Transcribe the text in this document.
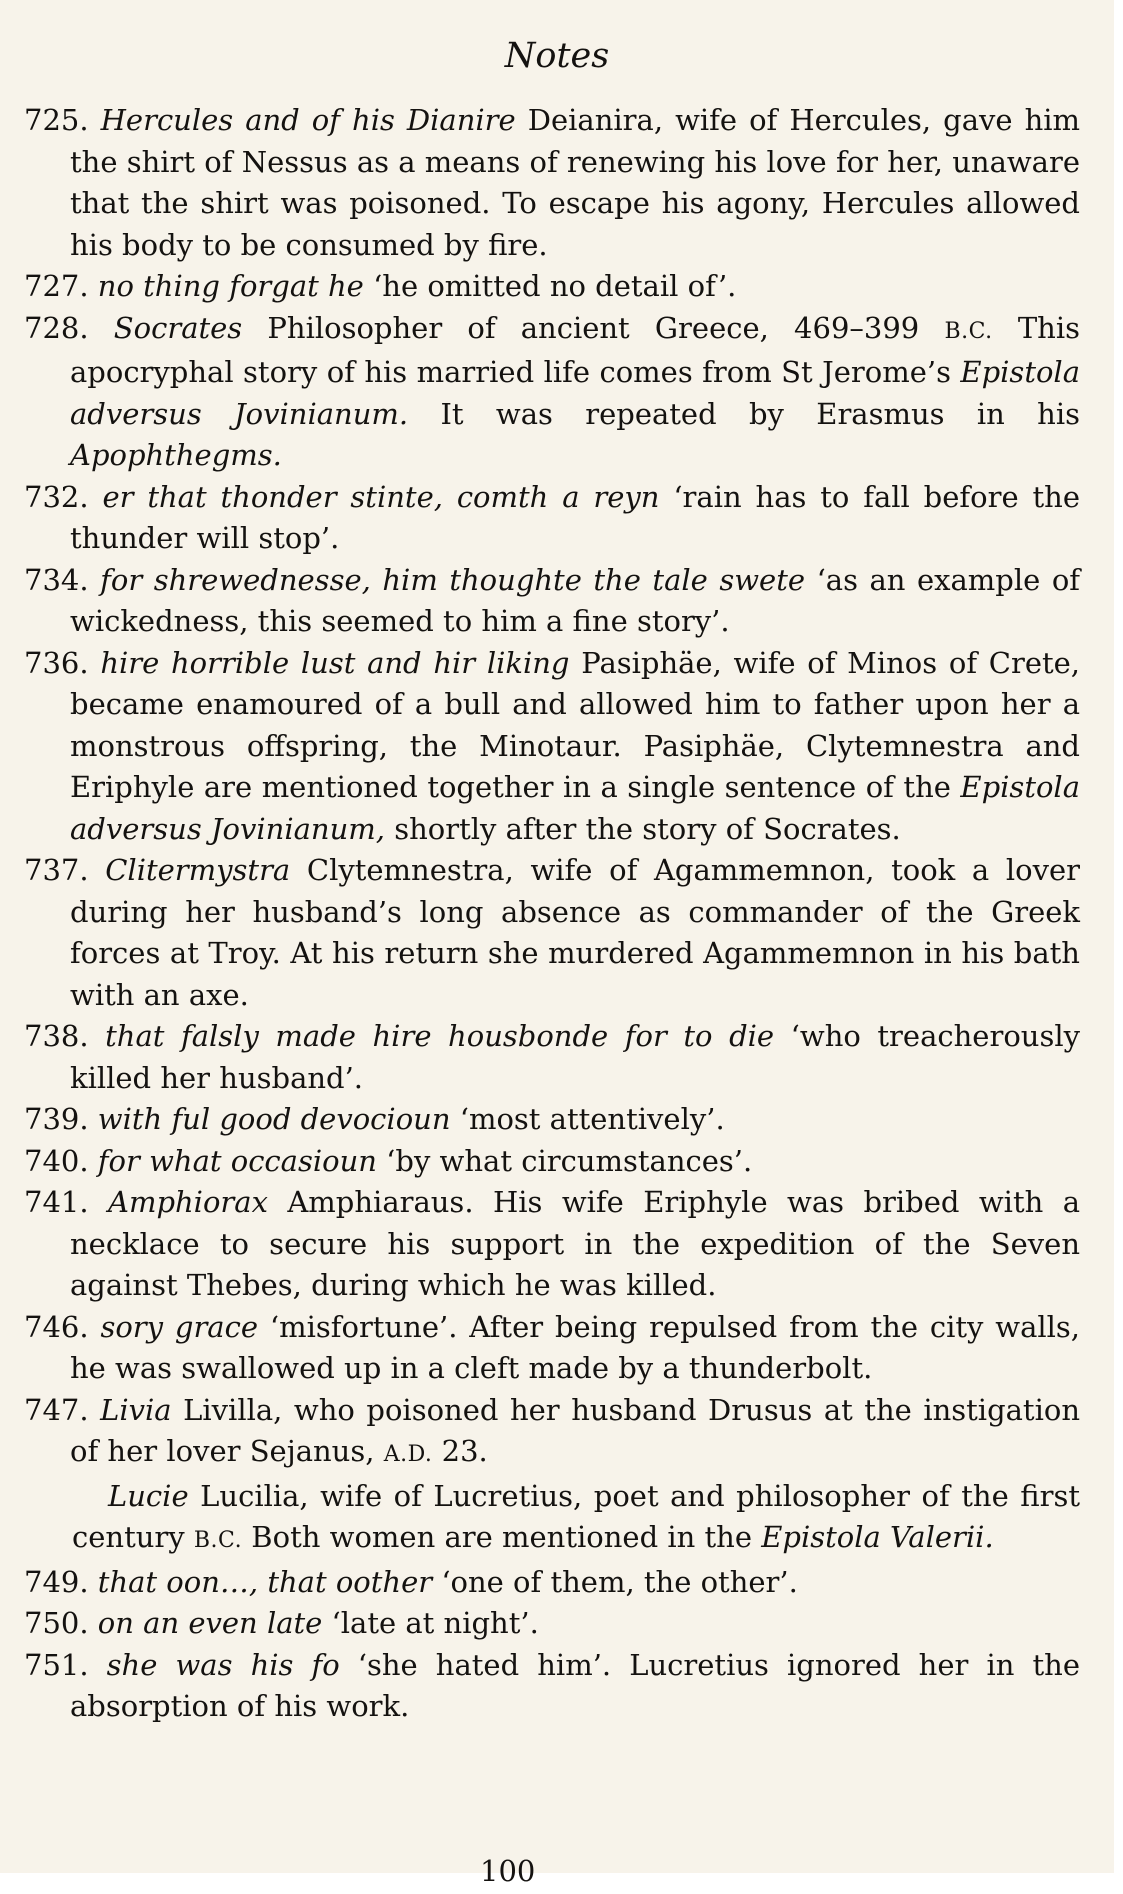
Notes

725. Hercules and of his Dianire Deianira, wife of Hercules, gave him the shirt of Nessus as a means of renewing his love for her, unaware that the shirt was poisoned. To escape his agony, Hercules allowed his body to be consumed by fire.

727. no thing forgat he ‘he omitted no detail of’.

728. Socrates Philosopher of ancient Greece, 469–399 B.C. This apocryphal story of his married life comes from St Jerome’s Epistola adversus Jovinianum. It was repeated by Erasmus in his Apophthegms.

732. er that thonder stinte, comth a reyn ‘rain has to fall before the thunder will stop’.

734. for shrewednesse, him thoughte the tale swete ‘as an example of wickedness, this seemed to him a fine story’.

736. hire horrible lust and hir liking Pasiphäe, wife of Minos of Crete, became enamoured of a bull and allowed him to father upon her a monstrous offspring, the Minotaur. Pasiphäe, Clytemnestra and Eriphyle are mentioned together in a single sentence of the Epistola adversus Jovinianum, shortly after the story of Socrates.

737. Clitermystra Clytemnestra, wife of Agammemnon, took a lover during her husband’s long absence as commander of the Greek forces at Troy. At his return she murdered Agammemnon in his bath with an axe.

738. that falsly made hire housbonde for to die ‘who treacherously killed her husband’.

739. with ful good devocioun ‘most attentively’.

740. for what occasioun ‘by what circumstances’.

741. Amphiorax Amphiaraus. His wife Eriphyle was bribed with a necklace to secure his support in the expedition of the Seven against Thebes, during which he was killed.

746. sory grace ‘misfortune’. After being repulsed from the city walls, he was swallowed up in a cleft made by a thunderbolt.

747. Livia Livilla, who poisoned her husband Drusus at the instigation of her lover Sejanus, A.D. 23.

Lucie Lucilia, wife of Lucretius, poet and philosopher of the first century B.C. Both women are mentioned in the Epistola Valerii.

749. that oon…, that oother ‘one of them, the other’.

750. on an even late ‘late at night’.

751. she was his fo ‘she hated him’. Lucretius ignored her in the absorption of his work.

100
